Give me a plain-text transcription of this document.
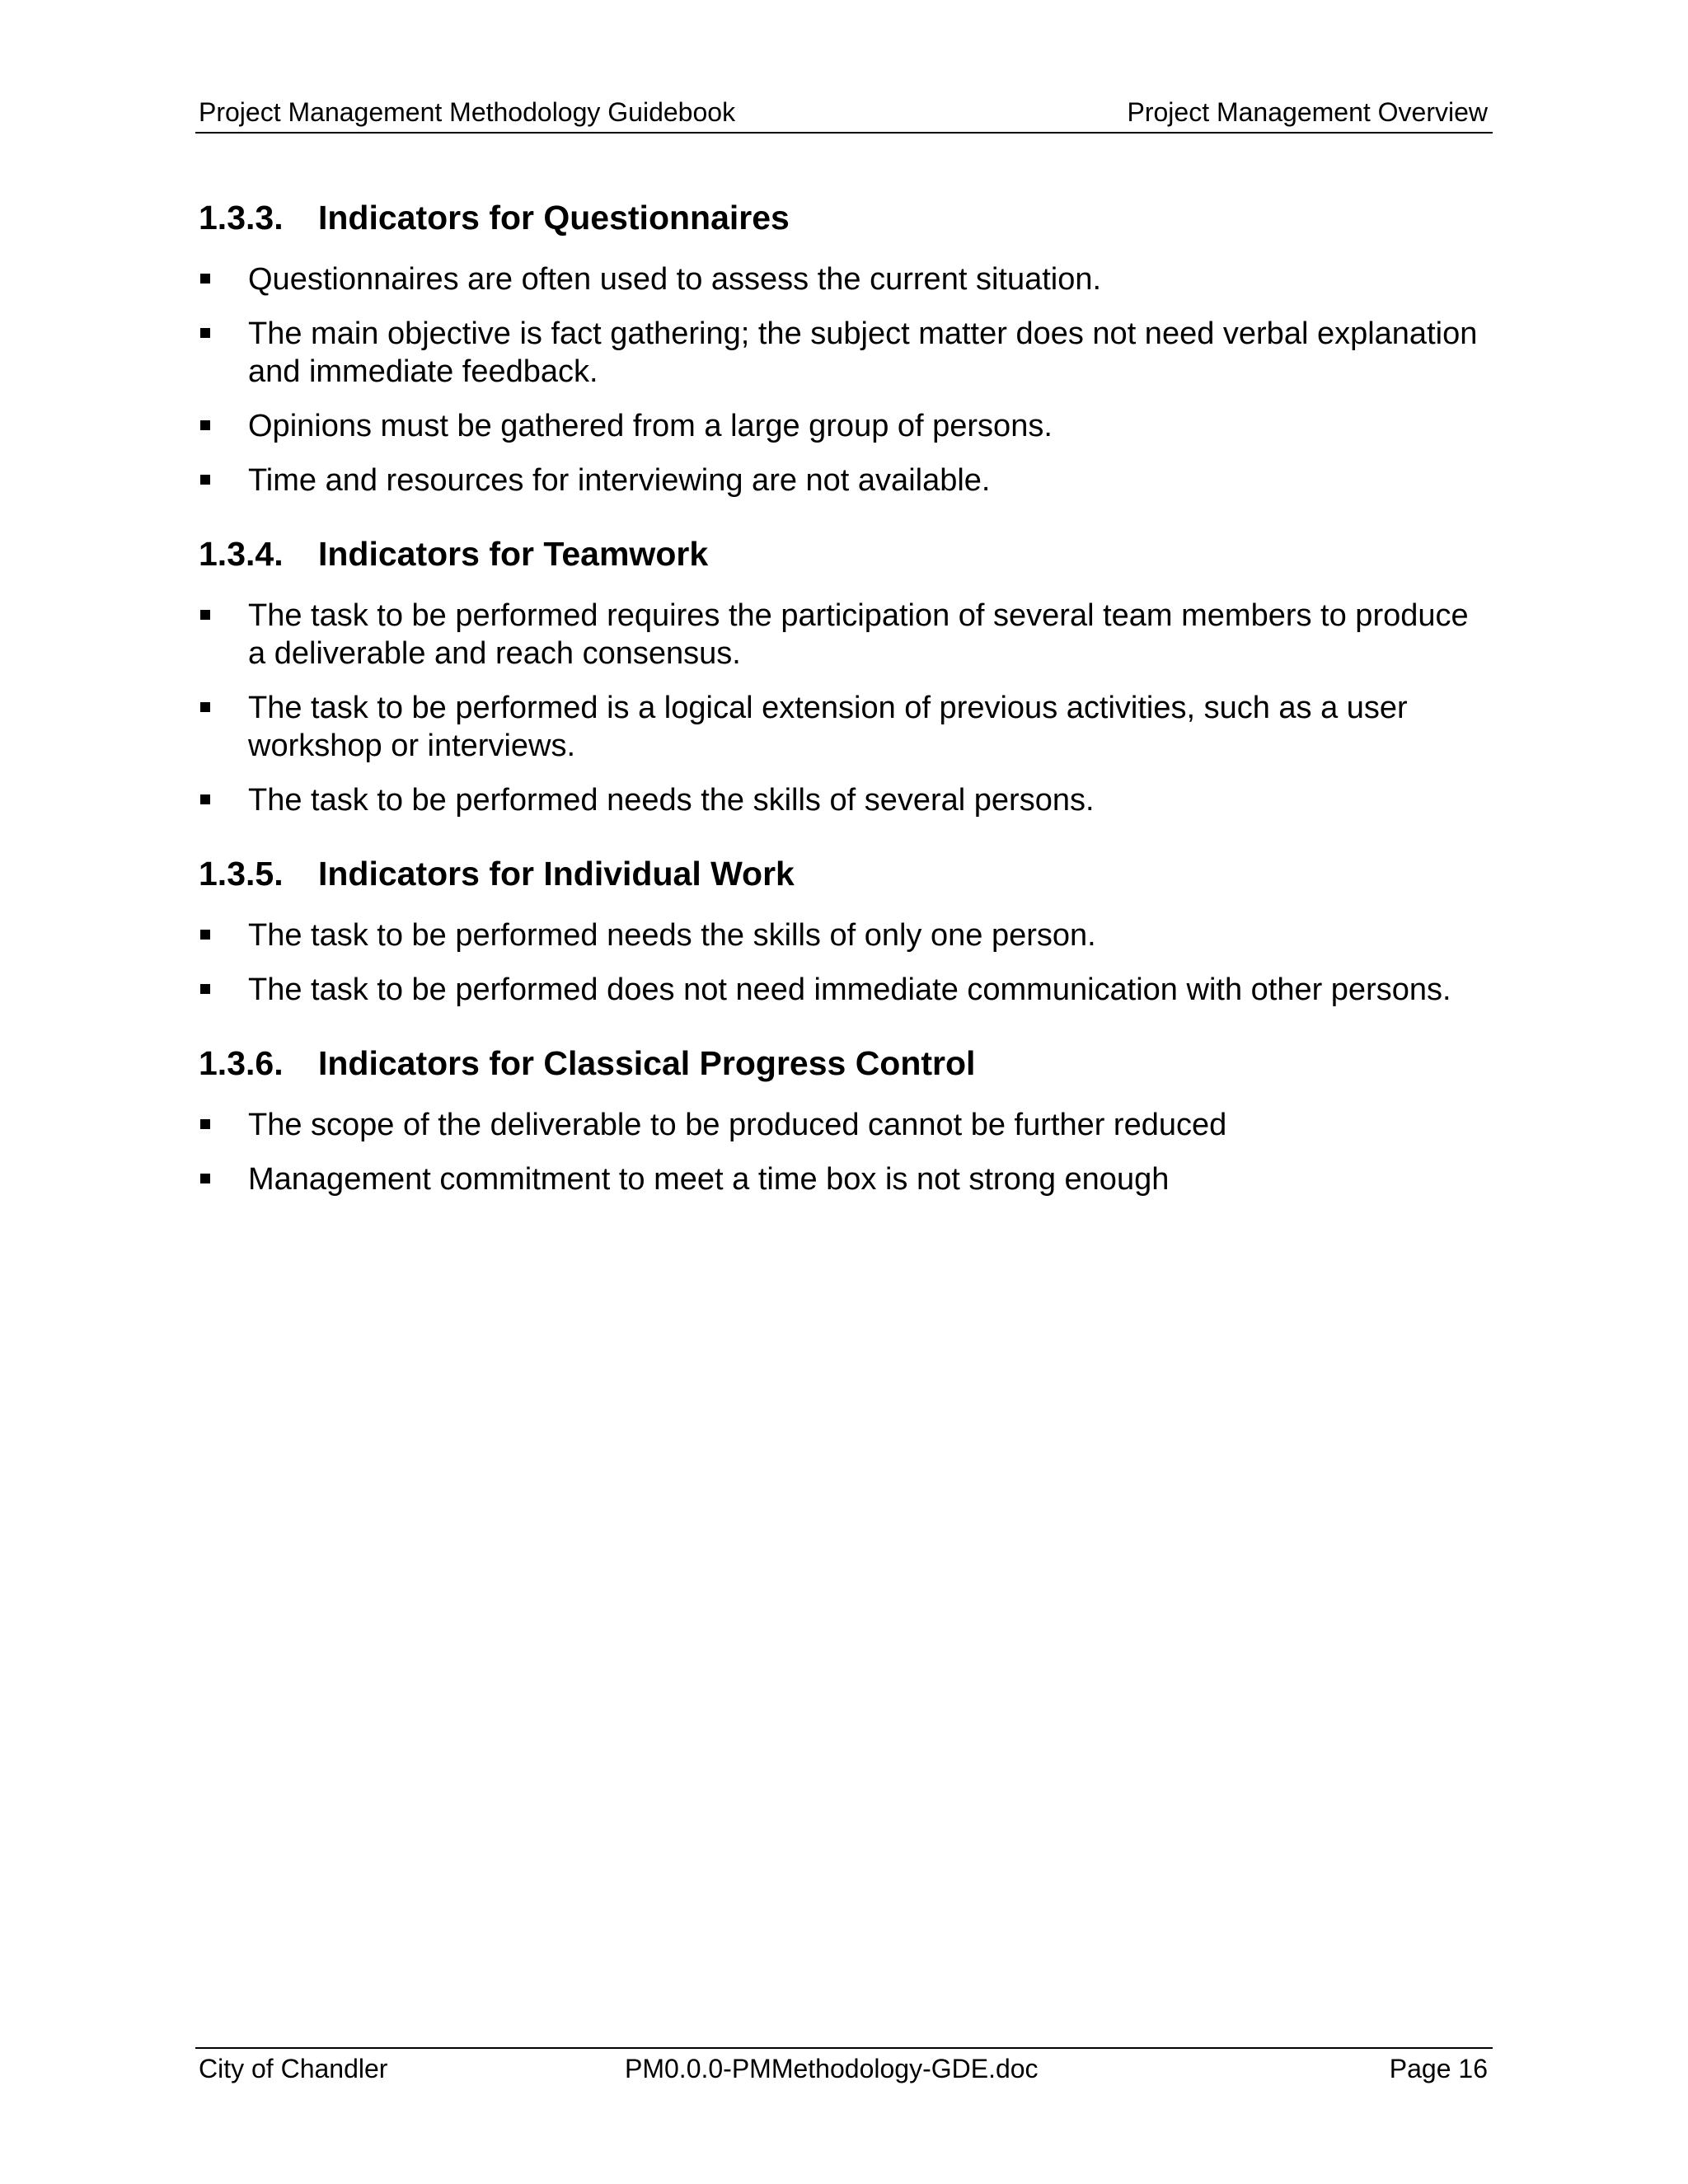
Project Management Methodology Guidebook	Project Management Overview
1.3.3.	Indicators for Questionnaires
Questionnaires are often used to assess the current situation.
The main objective is fact gathering; the subject matter does not need verbal explanation and immediate feedback.
Opinions must be gathered from a large group of persons.
Time and resources for interviewing are not available.
1.3.4.	Indicators for Teamwork
The task to be performed requires the participation of several team members to produce a deliverable and reach consensus.
The task to be performed is a logical extension of previous activities, such as a user workshop or interviews.
The task to be performed needs the skills of several persons.
1.3.5.	Indicators for Individual Work
The task to be performed needs the skills of only one person.
The task to be performed does not need immediate communication with other persons.
1.3.6.	Indicators for Classical Progress Control
The scope of the deliverable to be produced cannot be further reduced
Management commitment to meet a time box is not strong enough
City of Chandler	PM0.0.0-PMMethodology-GDE.doc	Page 16
